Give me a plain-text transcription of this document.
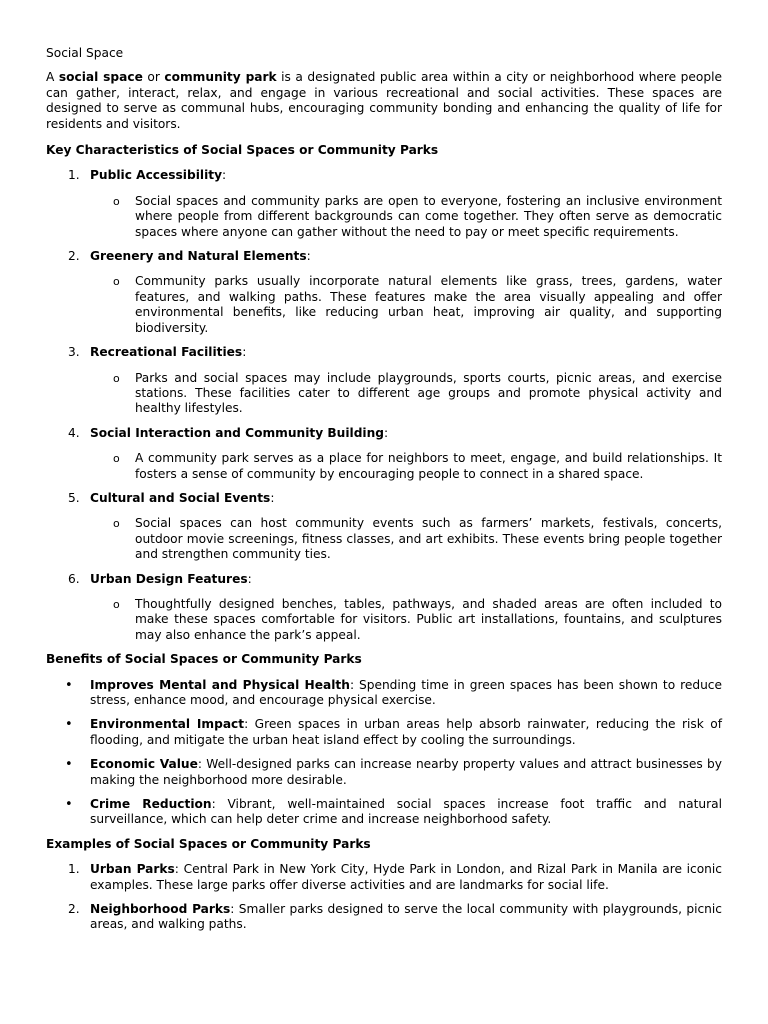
Social Space

A social space or community park is a designated public area within a city or neighborhood where people can gather, interact, relax, and engage in various recreational and social activities. These spaces are designed to serve as communal hubs, encouraging community bonding and enhancing the quality of life for residents and visitors.

Key Characteristics of Social Spaces or Community Parks
1. Public Accessibility:
o Social spaces and community parks are open to everyone, fostering an inclusive environment where people from different backgrounds can come together. They often serve as democratic spaces where anyone can gather without the need to pay or meet specific requirements.
2. Greenery and Natural Elements:
o Community parks usually incorporate natural elements like grass, trees, gardens, water features, and walking paths. These features make the area visually appealing and offer environmental benefits, like reducing urban heat, improving air quality, and supporting biodiversity.
3. Recreational Facilities:
o Parks and social spaces may include playgrounds, sports courts, picnic areas, and exercise stations. These facilities cater to different age groups and promote physical activity and healthy lifestyles.
4. Social Interaction and Community Building:
o A community park serves as a place for neighbors to meet, engage, and build relationships. It fosters a sense of community by encouraging people to connect in a shared space.
5. Cultural and Social Events:
o Social spaces can host community events such as farmers’ markets, festivals, concerts, outdoor movie screenings, fitness classes, and art exhibits. These events bring people together and strengthen community ties.
6. Urban Design Features:
o Thoughtfully designed benches, tables, pathways, and shaded areas are often included to make these spaces comfortable for visitors. Public art installations, fountains, and sculptures may also enhance the park’s appeal.
Benefits of Social Spaces or Community Parks
• Improves Mental and Physical Health: Spending time in green spaces has been shown to reduce stress, enhance mood, and encourage physical exercise.
• Environmental Impact: Green spaces in urban areas help absorb rainwater, reducing the risk of flooding, and mitigate the urban heat island effect by cooling the surroundings.
• Economic Value: Well-designed parks can increase nearby property values and attract businesses by making the neighborhood more desirable.
• Crime Reduction: Vibrant, well-maintained social spaces increase foot traffic and natural surveillance, which can help deter crime and increase neighborhood safety.
Examples of Social Spaces or Community Parks
1. Urban Parks: Central Park in New York City, Hyde Park in London, and Rizal Park in Manila are iconic examples. These large parks offer diverse activities and are landmarks for social life.
2. Neighborhood Parks: Smaller parks designed to serve the local community with playgrounds, picnic areas, and walking paths.
